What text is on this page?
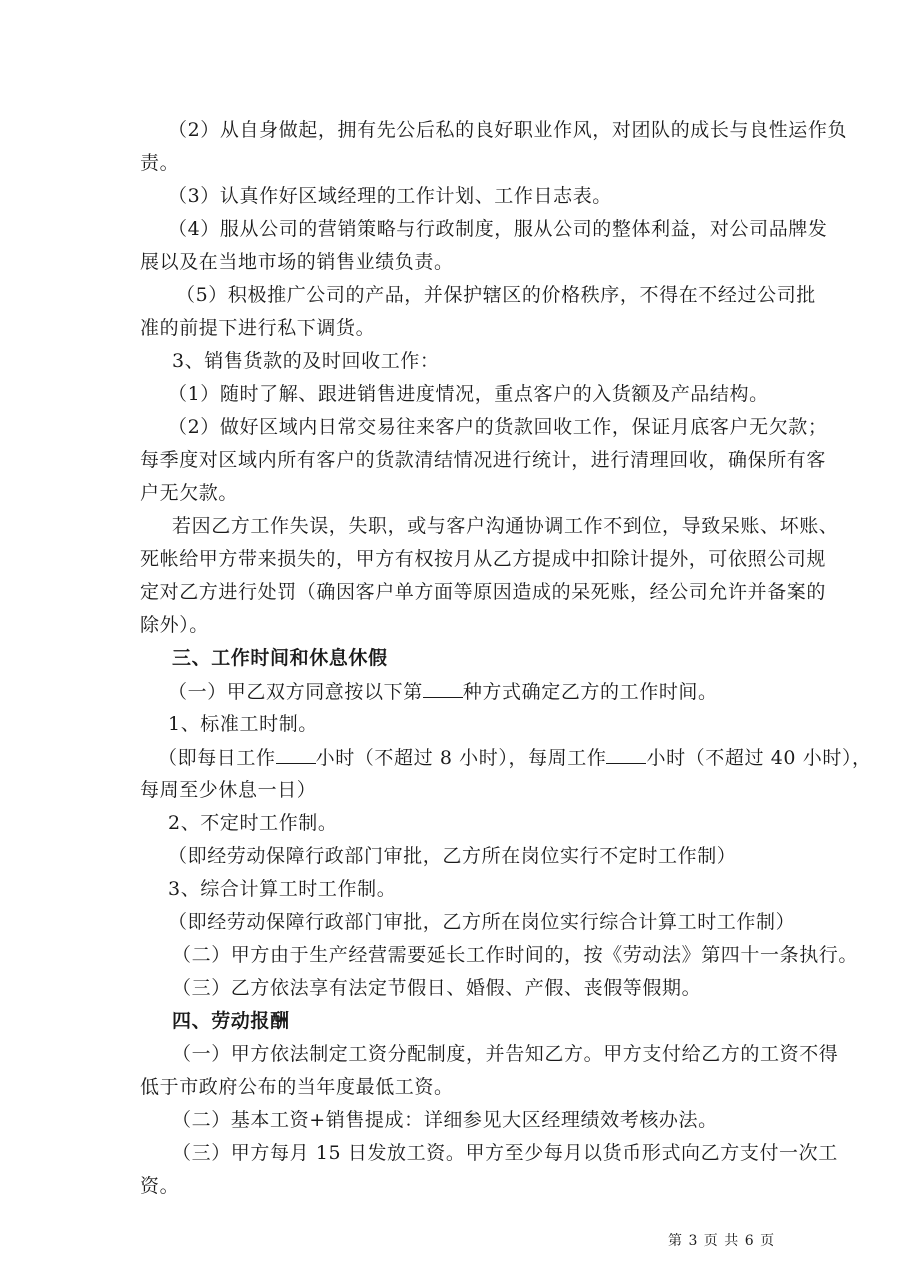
（2）从自身做起，拥有先公后私的良好职业作风，对团队的成长与良性运作负

责。

（3）认真作好区域经理的工作计划、工作日志表。

（4）服从公司的营销策略与行政制度，服从公司的整体利益，对公司品牌发

展以及在当地市场的销售业绩负责。

（5）积极推广公司的产品，并保护辖区的价格秩序，不得在不经过公司批

准的前提下进行私下调货。

3、销售货款的及时回收工作：

（1）随时了解、跟进销售进度情况，重点客户的入货额及产品结构。

（2）做好区域内日常交易往来客户的货款回收工作，保证月底客户无欠款；

每季度对区域内所有客户的货款清结情况进行统计，进行清理回收，确保所有客

户无欠款。

若因乙方工作失误，失职，或与客户沟通协调工作不到位，导致呆账、坏账、

死帐给甲方带来损失的，甲方有权按月从乙方提成中扣除计提外，可依照公司规

定对乙方进行处罚（确因客户单方面等原因造成的呆死账，经公司允许并备案的

除外）。

三、工作时间和休息休假

（一）甲乙双方同意按以下第 种方式确定乙方的工作时间。

1、标准工时制。

（即每日工作 小时（不超过 8 小时），每周工作 小时（不超过 40 小时），

每周至少休息一日）

2、不定时工作制。

（即经劳动保障行政部门审批，乙方所在岗位实行不定时工作制）

3、综合计算工时工作制。

（即经劳动保障行政部门审批，乙方所在岗位实行综合计算工时工作制）

（二）甲方由于生产经营需要延长工作时间的，按《劳动法》第四十一条执行。

（三）乙方依法享有法定节假日、婚假、产假、丧假等假期。

四、劳动报酬

（一）甲方依法制定工资分配制度，并告知乙方。甲方支付给乙方的工资不得

低于市政府公布的当年度最低工资。

（二）基本工资+销售提成：详细参见大区经理绩效考核办法。

（三）甲方每月 15 日发放工资。甲方至少每月以货币形式向乙方支付一次工

资。

第 3 页 共 6 页
